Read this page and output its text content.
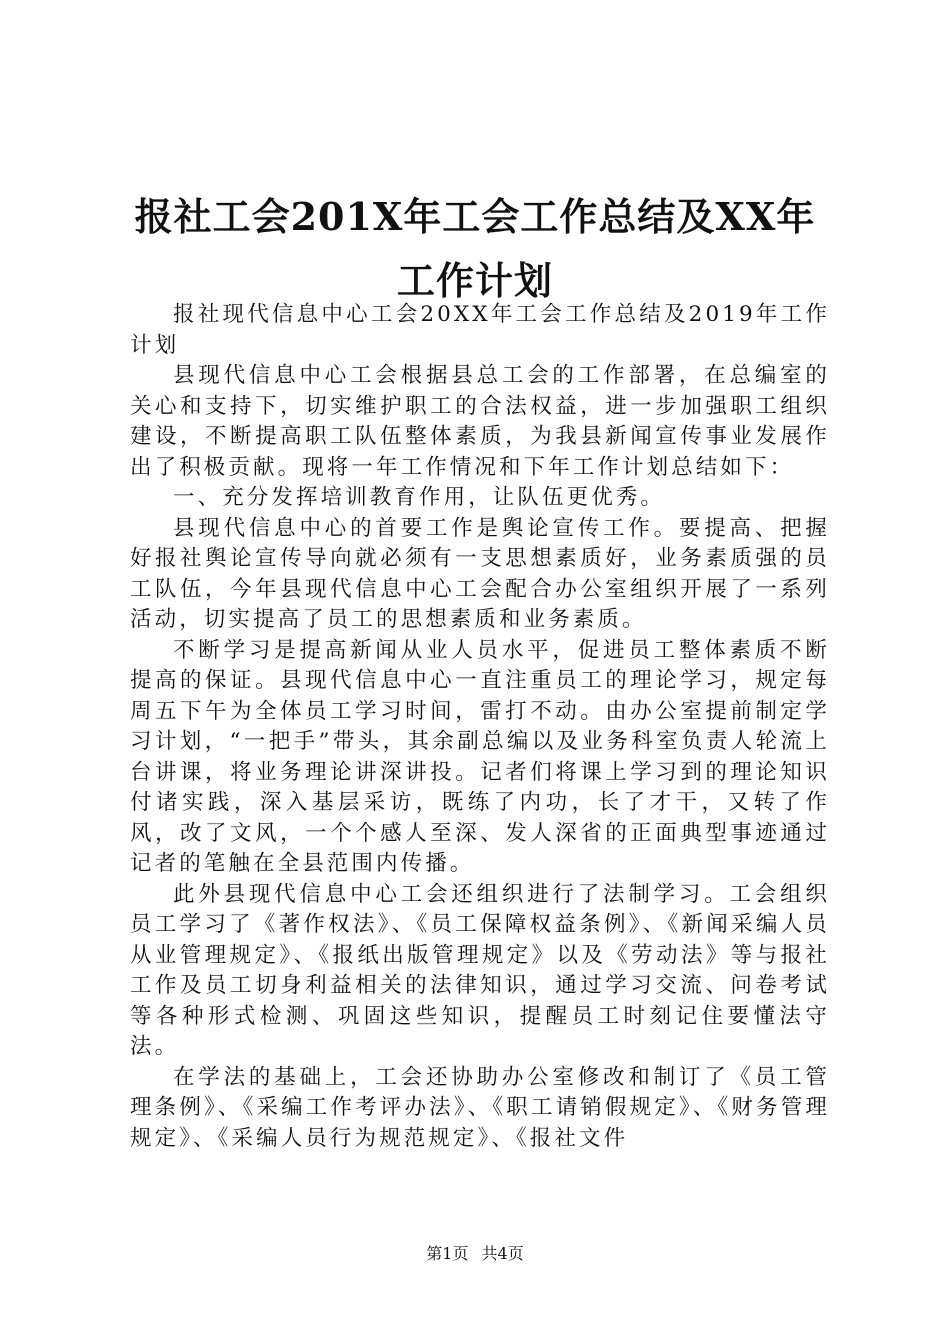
报社工会201X年工会工作总结及XX年工作计划

报社现代信息中心工会20XX年工会工作总结及2019年工作计划

县现代信息中心工会根据县总工会的工作部署，在总编室的关心和支持下，切实维护职工的合法权益，进一步加强职工组织建设，不断提高职工队伍整体素质，为我县新闻宣传事业发展作出了积极贡献。现将一年工作情况和下年工作计划总结如下：

一、充分发挥培训教育作用，让队伍更优秀。

县现代信息中心的首要工作是舆论宣传工作。要提高、把握好报社舆论宣传导向就必须有一支思想素质好，业务素质强的员工队伍，今年县现代信息中心工会配合办公室组织开展了一系列活动，切实提高了员工的思想素质和业务素质。

不断学习是提高新闻从业人员水平，促进员工整体素质不断提高的保证。县现代信息中心一直注重员工的理论学习，规定每周五下午为全体员工学习时间，雷打不动。由办公室提前制定学习计划，“一把手”带头，其余副总编以及业务科室负责人轮流上台讲课，将业务理论讲深讲投。记者们将课上学习到的理论知识付诸实践，深入基层采访，既练了内功，长了才干，又转了作风，改了文风，一个个感人至深、发人深省的正面典型事迹通过记者的笔触在全县范围内传播。

此外县现代信息中心工会还组织进行了法制学习。工会组织员工学习了《著作权法》、《员工保障权益条例》、《新闻采编人员从业管理规定》、《报纸出版管理规定》以及《劳动法》等与报社工作及员工切身利益相关的法律知识，通过学习交流、问卷考试等各种形式检测、巩固这些知识，提醒员工时刻记住要懂法守法。

在学法的基础上，工会还协助办公室修改和制订了《员工管理条例》、《采编工作考评办法》、《职工请销假规定》、《财务管理规定》、《采编人员行为规范规定》、《报社文件

第1页 共4页
